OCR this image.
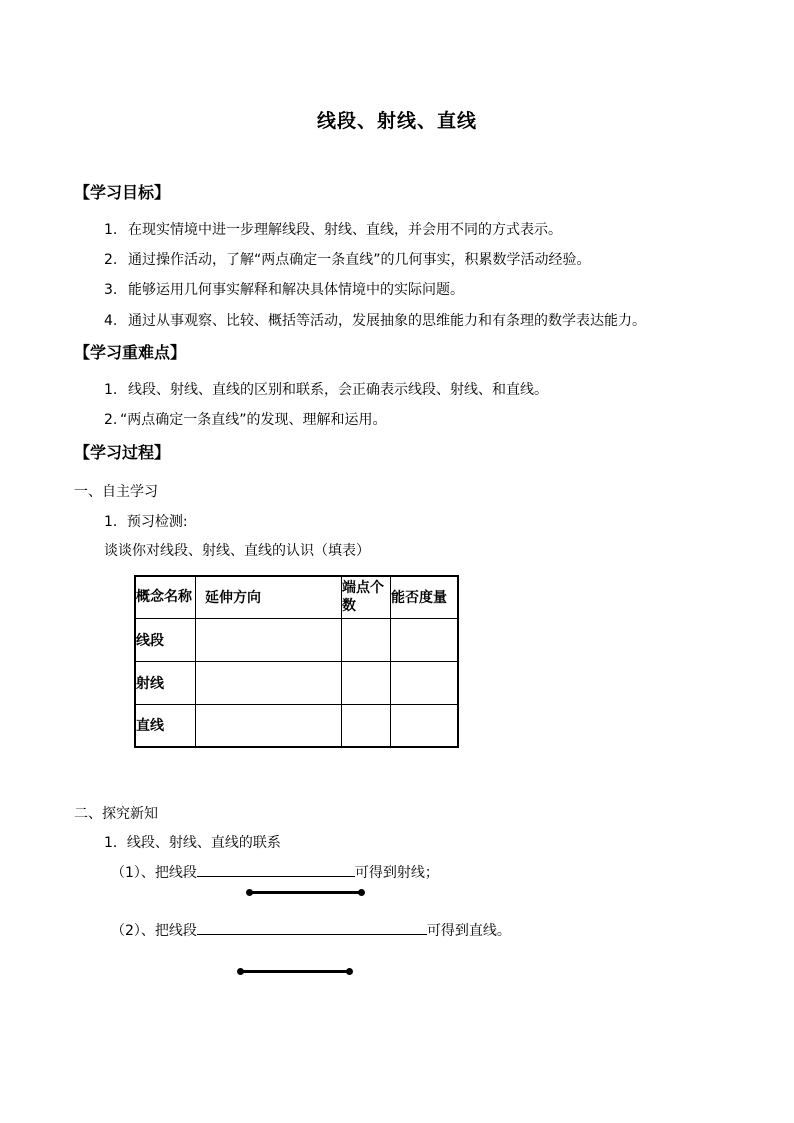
线段、射线、直线
【学习目标】
1. 在现实情境中进一步理解线段、射线、直线，并会用不同的方式表示。
2. 通过操作活动，了解“两点确定一条直线”的几何事实，积累数学活动经验。
3. 能够运用几何事实解释和解决具体情境中的实际问题。
4. 通过从事观察、比较、概括等活动，发展抽象的思维能力和有条理的数学表达能力。
【学习重难点】
1. 线段、射线、直线的区别和联系，会正确表示线段、射线、和直线。
2. “两点确定一条直线”的发现、理解和运用。
【学习过程】
一、自主学习
1．预习检测:
谈谈你对线段、射线、直线的认识（填表）
概念名称	延伸方向	端点个数	能否度量
线段			
射线			
直线			
二、探究新知
1．线段、射线、直线的联系
（1）、把线段	可得到射线；
（2）、把线段	可得到直线。
